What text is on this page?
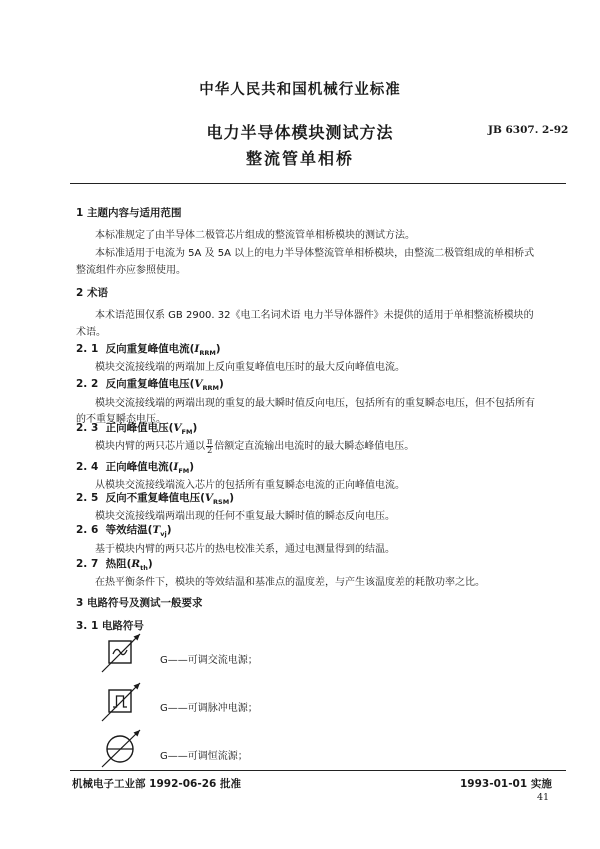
中华人民共和国机械行业标准
电力半导体模块测试方法
整流管单相桥
JB 6307. 2-92
1 主题内容与适用范围
本标准规定了由半导体二极管芯片组成的整流管单相桥模块的测试方法。
本标准适用于电流为 5A 及 5A 以上的电力半导体整流管单相桥模块，由整流二极管组成的单相桥式
整流组件亦应参照使用。
2 术语
本术语范围仅系 GB 2900. 32《电工名词术语 电力半导体器件》未提供的适用于单相整流桥模块的
术语。
2. 1 反向重复峰值电流$(I_{RRM})$
模块交流接线端的两端加上反向重复峰值电压时的最大反向峰值电流。
2. 2 反向重复峰值电压$(V_{RRM})$
模块交流接线端的两端出现的重复的最大瞬时值反向电压，包括所有的重复瞬态电压，但不包括所有
的不重复瞬态电压。
2. 3 正向峰值电压$(V_{FM})$
模块内臂的两只芯片通以 $\frac{\pi}{2}$ 倍额定直流输出电流时的最大瞬态峰值电压。
2. 4 正向峰值电流$(I_{FM})$
从模块交流接线端流入芯片的包括所有重复瞬态电流的正向峰值电流。
2. 5 反向不重复峰值电压$(V_{RSM})$
模块交流接线端两端出现的任何不重复最大瞬时值的瞬态反向电压。
2. 6 等效结温$(T_{vj})$
基于模块内臂的两只芯片的热电校准关系，通过电测量得到的结温。
2. 7 热阻$(R_{th})$
在热平衡条件下，模块的等效结温和基准点的温度差，与产生该温度差的耗散功率之比。
3 电路符号及测试一般要求
3. 1 电路符号
G——可调交流电源；
G——可调脉冲电源；
G——可调恒流源；
机械电子工业部 1992-06-26 批准	1993-01-01 实施
41
